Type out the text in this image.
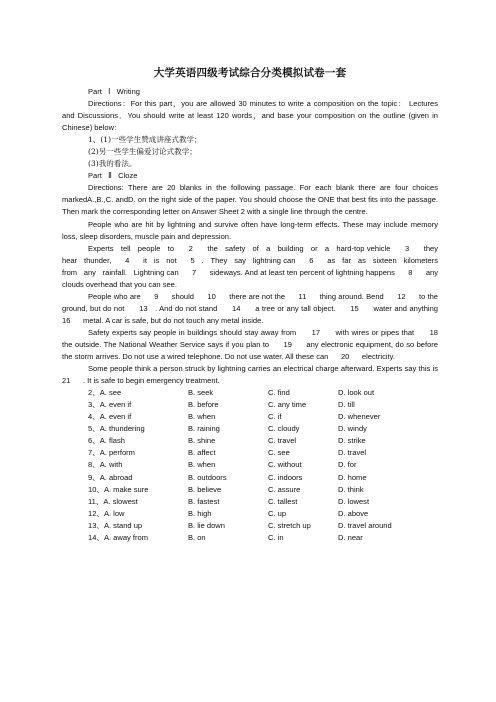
大学英语四级考试综合分类模拟试卷一套

Part   Ⅰ   Writing

Directions：For this part，you are allowed 30 minutes to write a composition on the topic： Lectures and Discussions．You should write at least 120 words，and base your composition on the outline (given in Chinese) below：

1、(1)一些学生赞成讲座式教学；

(2)另一些学生偏爱讨论式教学；

(3)我的看法。

Part   Ⅱ   Cloze

Directions: There are 20 blanks in the following passage. For each blank there are four choices markedA.,B.,C. andD. on the right side of the paper. You should choose the ONE that best fits into the passage.   Then mark the corresponding letter on Answer Sheet 2 with a single line through the centre.

People who are hit by lightning and survive often have long-term effects. These may include memory loss, sleep disorders, muscle pain and depression.

Experts   tell   people   to      2      the   safety   of   a   building   or   a   hard-top vehicle      3      they   hear   thunder,      4      it   is   not      5   .   They   say   lightning can      6      as   far   as   sixteen   kilometers   from   any   rainfall.   Lightning can      7      sideways. And at least ten percent of lightning happens      8      any clouds overhead that you can see.

People who are      9      should      10      there are not the      11      thing around. Bend      12      to the ground, but do not      13   . And do not stand      14      a tree or any tall object.      15      water and anything      16      metal. A car is safe, but do not touch any metal inside.

Safety experts say people in buildings should stay away from      17      with wires or pipes that      18      the outside. The National Weather Service says if you plan to      19      any electronic equipment, do so before the storm arrives. Do not use a wired telephone. Do not use water. All these can      20      electricity.

Some people think a person struck by lightning carries an electrical charge afterward. Experts say this is      21      . It is safe to begin emergency treatment.

2、A. see	B. seek	C. find	D. look out
3、A. even if	B. before	C. any time	D. till
4、A. even if	B. when	C. if	D. whenever
5、A. thundering	B. raining	C. cloudy	D. windy
6、A. flash	B. shine	C. travel	D. strike
7、A. perform	B. affect	C. see	D. travel
8、A. with	B. when	C. without	D. for
9、A. abroad	B. outdoors	C. indoors	D. home
10、A. make sure	B. believe	C. assure	D. think
11、A. slowest	B. fastest	C. tallest	D. lowest
12、A. low	B. high	C. up	D. above
13、A. stand up	B. lie down	C. stretch up	D. travel around
14、A. away from	B. on	C. in	D. near
